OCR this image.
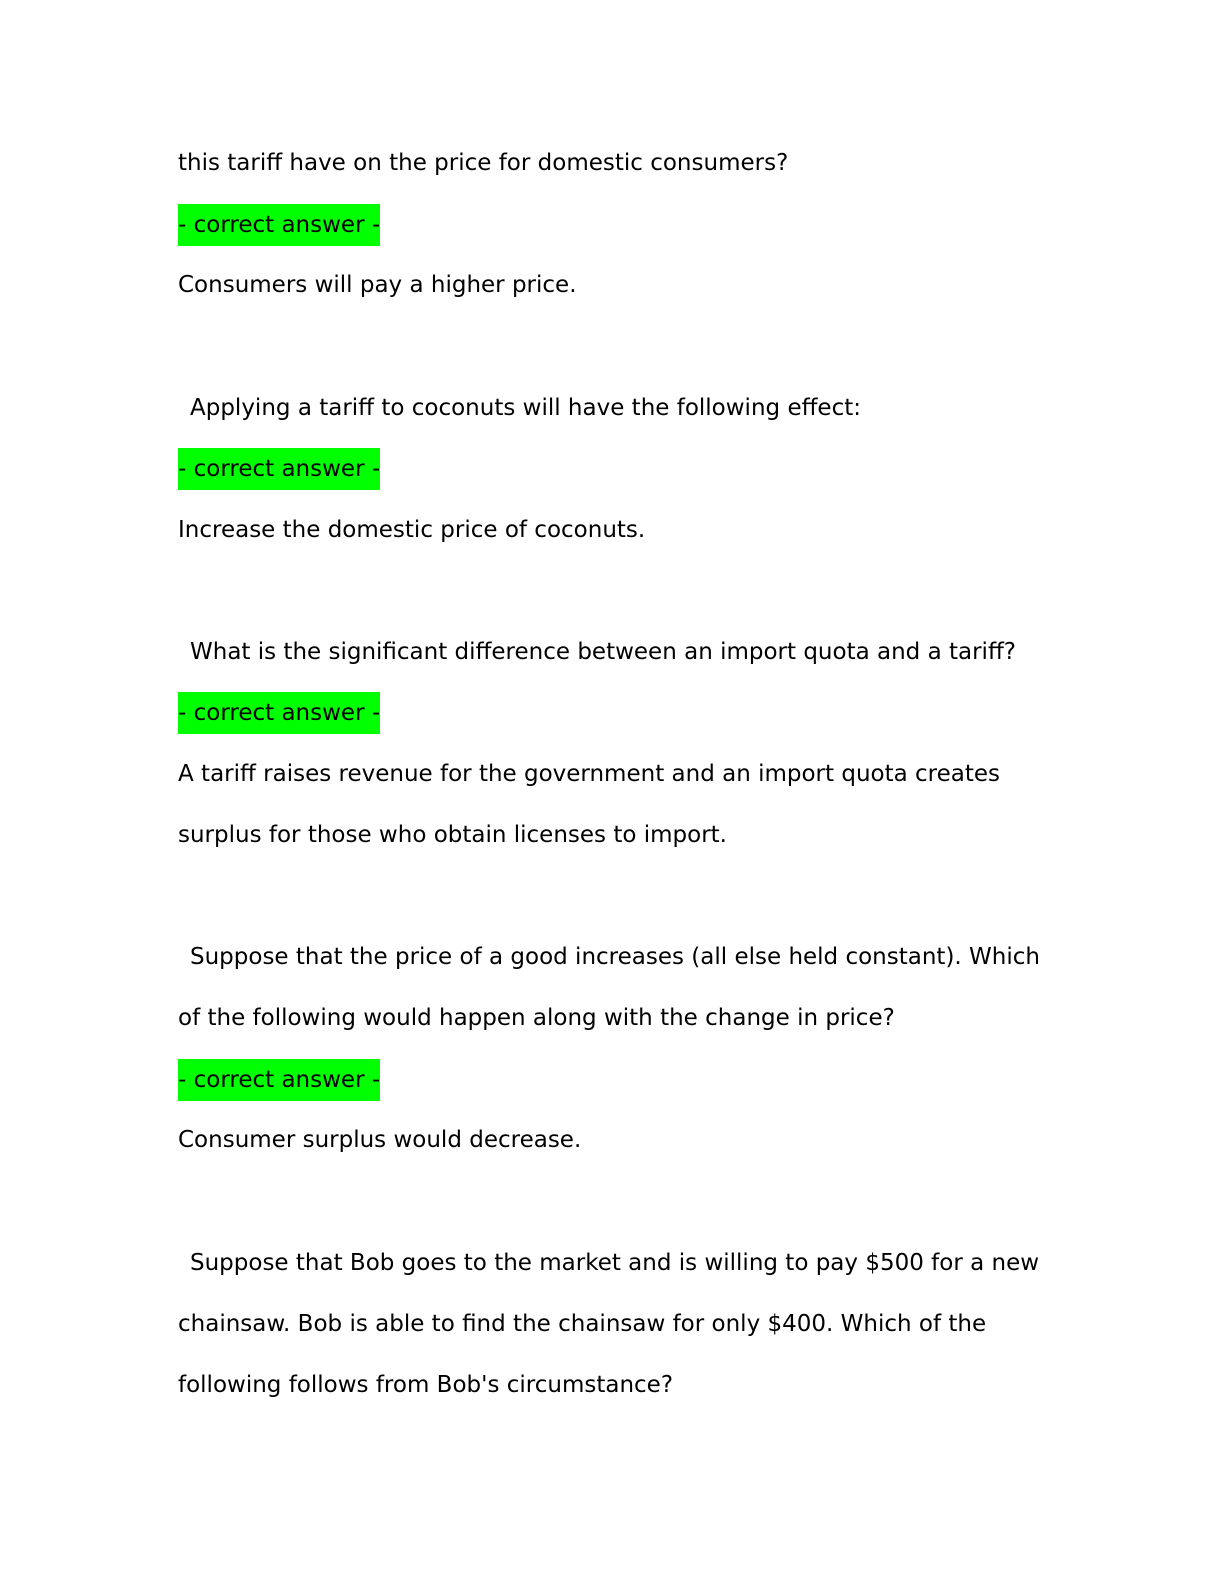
this tariff have on the price for domestic consumers?
- correct answer -
Consumers will pay a higher price.
Applying a tariff to coconuts will have the following effect:
- correct answer -
Increase the domestic price of coconuts.
What is the significant difference between an import quota and a tariff?
- correct answer -
A tariff raises revenue for the government and an import quota creates
surplus for those who obtain licenses to import.
Suppose that the price of a good increases (all else held constant). Which
of the following would happen along with the change in price?
- correct answer -
Consumer surplus would decrease.
Suppose that Bob goes to the market and is willing to pay $500 for a new
chainsaw. Bob is able to find the chainsaw for only $400. Which of the
following follows from Bob's circumstance?
